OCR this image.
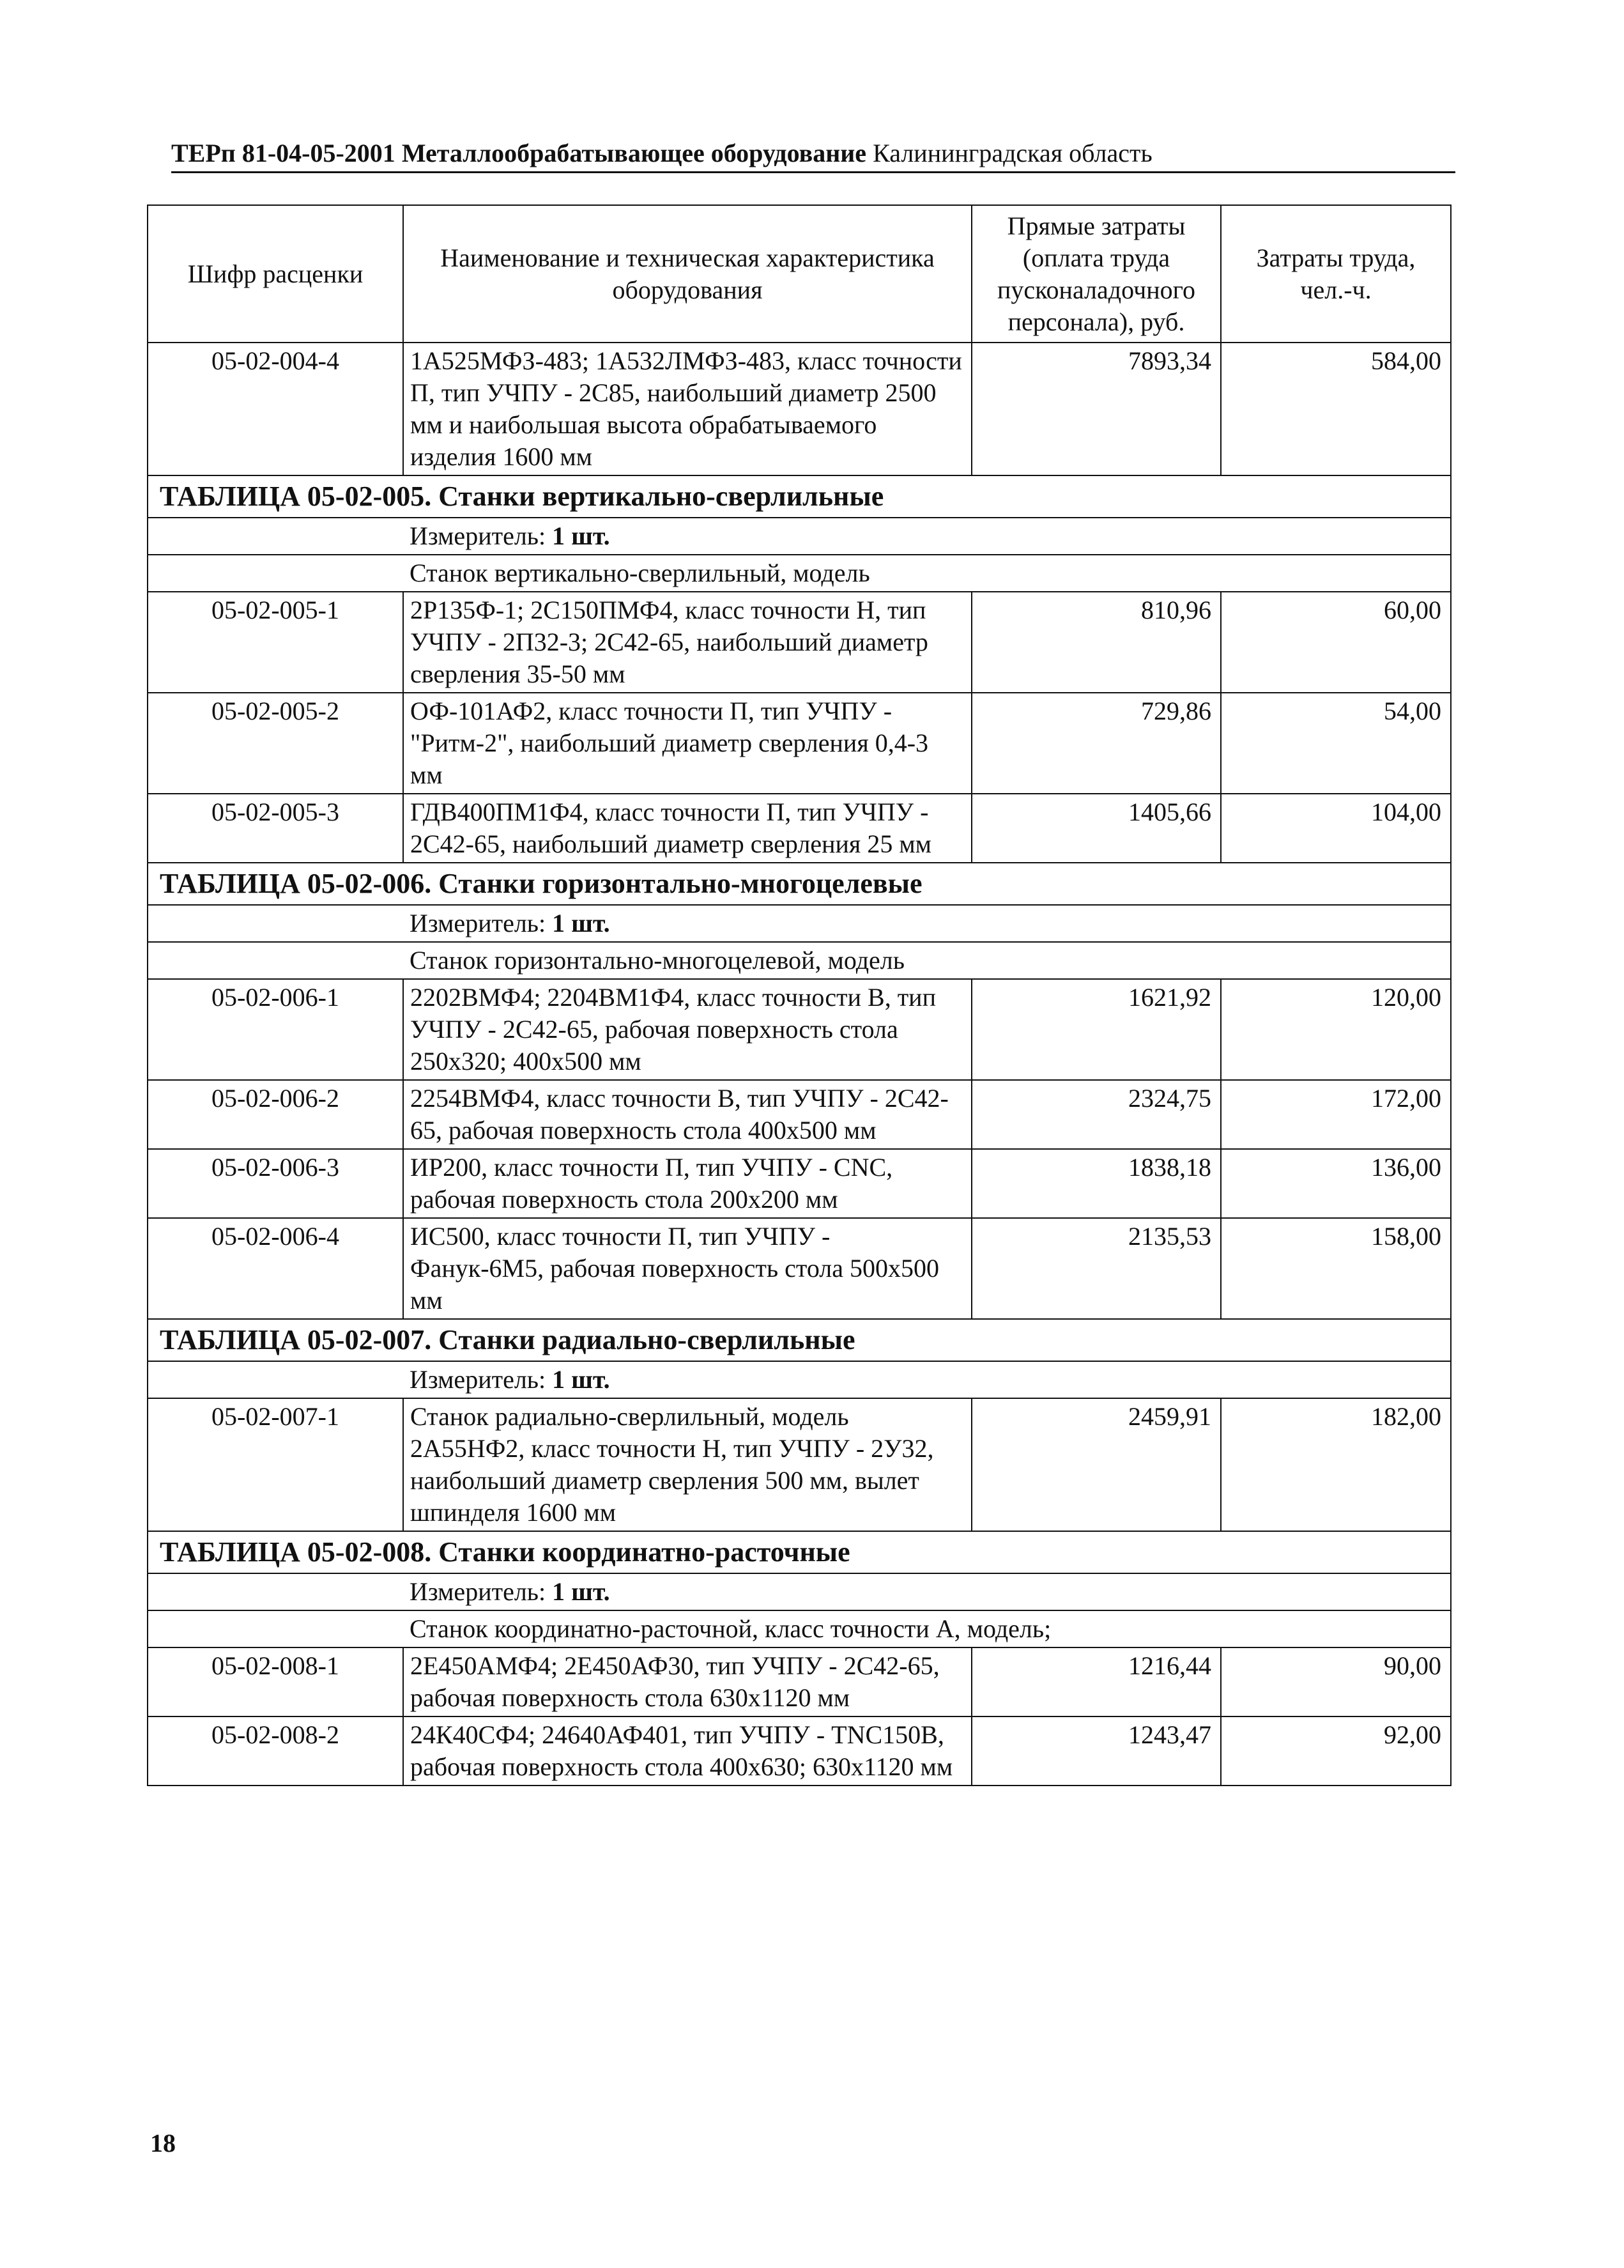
ТЕРп 81-04-05-2001 Металлообрабатывающее оборудование Калининградская область
Шифр расценки	Наименование и техническая характеристика оборудования	Прямые затраты (оплата труда пусконаладочного персонала), руб.	Затраты труда, чел.-ч.
05-02-004-4	1А525МФЗ-483; 1А532ЛМФЗ-483, класс точности П, тип УЧПУ - 2С85, наибольший диаметр 2500 мм и наибольшая высота обрабатываемого изделия 1600 мм	7893,34	584,00
ТАБЛИЦА 05-02-005. Станки вертикально-сверлильные			
	Измеритель: 1 шт.		
	Станок вертикально-сверлильный, модель		
05-02-005-1	2Р135Ф-1; 2С150ПМФ4, класс точности Н, тип УЧПУ - 2П32-3; 2С42-65, наибольший диаметр сверления 35-50 мм	810,96	60,00
05-02-005-2	ОФ-101АФ2, класс точности П, тип УЧПУ - "Ритм-2", наибольший диаметр сверления 0,4-3 мм	729,86	54,00
05-02-005-3	ГДВ400ПМ1Ф4, класс точности П, тип УЧПУ - 2С42-65, наибольший диаметр сверления 25 мм	1405,66	104,00
ТАБЛИЦА 05-02-006. Станки горизонтально-многоцелевые			
	Измеритель: 1 шт.		
	Станок горизонтально-многоцелевой, модель		
05-02-006-1	2202ВМФ4; 2204ВМ1Ф4, класс точности В, тип УЧПУ - 2С42-65, рабочая поверхность стола 250х320; 400х500 мм	1621,92	120,00
05-02-006-2	2254ВМФ4, класс точности В, тип УЧПУ - 2С42-65, рабочая поверхность стола 400х500 мм	2324,75	172,00
05-02-006-3	ИР200, класс точности П, тип УЧПУ - CNC, рабочая поверхность стола 200х200 мм	1838,18	136,00
05-02-006-4	ИС500, класс точности П, тип УЧПУ - Фанук-6М5, рабочая поверхность стола 500х500 мм	2135,53	158,00
ТАБЛИЦА 05-02-007. Станки радиально-сверлильные			
	Измеритель: 1 шт.		
05-02-007-1	Станок радиально-сверлильный, модель 2А55НФ2, класс точности Н, тип УЧПУ - 2У32, наибольший диаметр сверления 500 мм, вылет шпинделя 1600 мм	2459,91	182,00
ТАБЛИЦА 05-02-008. Станки координатно-расточные			
	Измеритель: 1 шт.		
	Станок координатно-расточной, класс точности А, модель;		
05-02-008-1	2Е450АМФ4; 2Е450АФ30, тип УЧПУ - 2С42-65, рабочая поверхность стола 630х1120 мм	1216,44	90,00
05-02-008-2	24К40СФ4; 24640АФ401, тип УЧПУ - TNC150B, рабочая поверхность стола 400х630; 630х1120 мм	1243,47	92,00
18
